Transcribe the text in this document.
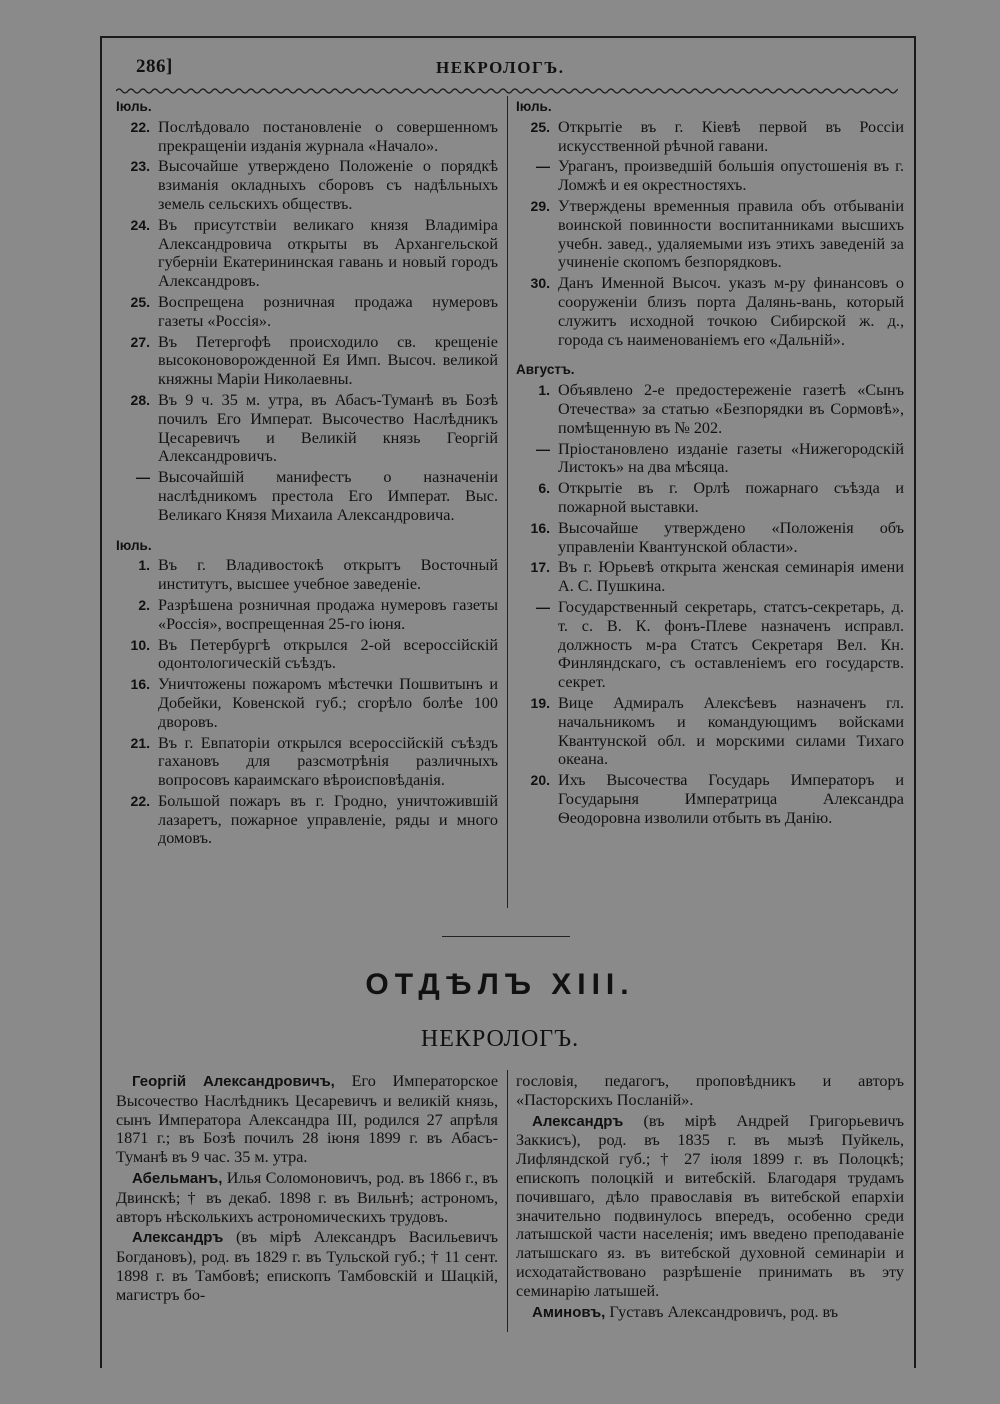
286]	НЕКРОЛОГЪ.
Іюль.
22. Послѣдовало постановленіе о совершенномъ прекращеніи изданія журнала «Начало».
23. Высочайше утверждено Положеніе о порядкѣ взиманія окладныхъ сборовъ съ надѣльныхъ земель сельскихъ обществъ.
24. Въ присутствіи великаго князя Владиміра Александровича открыты въ Архангельской губерніи Екатерининская гавань и новый городъ Александровъ.
25. Воспрещена розничная продажа нумеровъ газеты «Россія».
27. Въ Петергофѣ происходило св. крещеніе высоконоворожденной Ея Имп. Высоч. великой княжны Маріи Николаевны.
28. Въ 9 ч. 35 м. утра, въ Абасъ-Туманѣ въ Бозѣ почилъ Его Императ. Высочество Наслѣдникъ Цесаревичъ и Великій князь Георгій Александровичъ.
— Высочайшій манифестъ о назначеніи наслѣдникомъ престола Его Императ. Выс. Великаго Князя Михаила Александровича.
Іюль.
1. Въ г. Владивостокѣ открытъ Восточный институтъ, высшее учебное заведеніе.
2. Разрѣшена розничная продажа нумеровъ газеты «Россія», воспрещенная 25-го іюня.
10. Въ Петербургѣ открылся 2-ой всероссійскій одонтологическій съѣздъ.
16. Уничтожены пожаромъ мѣстечки Пошвитынъ и Добейки, Ковенской губ.; сгорѣло болѣе 100 дворовъ.
21. Въ г. Евпаторіи открылся всероссійскій съѣздъ гахановъ для разсмотрѣнія различныхъ вопросовъ караимскаго вѣроисповѣданія.
22. Большой пожаръ въ г. Гродно, уничтожившій лазаретъ, пожарное управленіе, ряды и много домовъ.
Іюль.
25. Открытіе въ г. Кіевѣ первой въ Россіи искусственной рѣчной гавани.
— Ураганъ, произведшій большія опустошенія въ г. Ломжѣ и ея окрестностяхъ.
29. Утверждены временныя правила объ отбываніи воинской повинности воспитанниками высшихъ учебн. завед., удаляемыми изъ этихъ заведеній за учиненіе скопомъ безпорядковъ.
30. Данъ Именной Высоч. указъ м-ру финансовъ о сооруженіи близъ порта Далянь-вань, который служитъ исходной точкою Сибирской ж. д., города съ наименованіемъ его «Дальній».
Августъ.
1. Объявлено 2-е предостереженіе газетѣ «Сынъ Отечества» за статью «Безпорядки въ Сормовѣ», помѣщенную въ № 202.
— Пріостановлено изданіе газеты «Нижегородскій Листокъ» на два мѣсяца.
6. Открытіе въ г. Орлѣ пожарнаго съѣзда и пожарной выставки.
16. Высочайше утверждено «Положенія объ управленіи Квантунской области».
17. Въ г. Юрьевѣ открыта женская семинарія имени А. С. Пушкина.
— Государственный секретарь, статсъ-секретарь, д. т. с. В. К. фонъ-Плеве назначенъ исправл. должность м-ра Статсъ Секретаря Вел. Кн. Финляндскаго, съ оставленіемъ его государств. секрет.
19. Вице Адмиралъ Алексѣевъ назначенъ гл. начальникомъ и командующимъ войсками Квантунской обл. и морскими силами Тихаго океана.
20. Ихъ Высочества Государь Императоръ и Государыня Императрица Александра Ѳеодоровна изволили отбыть въ Данію.
ОТДѢЛЪ XIII.
НЕКРОЛОГЪ.

Георгій Александровичъ, Его Императорское Высочество Наслѣдникъ Цесаревичъ и великій князь, сынъ Императора Александра III, родился 27 апрѣля 1871 г.; въ Бозѣ почилъ 28 іюня 1899 г. въ Абасъ-Туманѣ въ 9 час. 35 м. утра.

Абельманъ, Илья Соломоновичъ, род. въ 1866 г., въ Двинскѣ; † въ декаб. 1898 г. въ Вильнѣ; астрономъ, авторъ нѣсколькихъ астрономическихъ трудовъ.

Александръ (въ мірѣ Александръ Васильевичъ Богдановъ), род. въ 1829 г. въ Тульской губ.; † 11 сент. 1898 г. въ Тамбовѣ; епископъ Тамбовскій и Шацкій, магистръ бо-

гословія, педагогъ, проповѣдникъ и авторъ «Пасторскихъ Посланій».

Александръ (въ мірѣ Андрей Григорьевичъ Заккисъ), род. въ 1835 г. въ мызѣ Пуйкель, Лифляндской губ.; † 27 іюля 1899 г. въ Полоцкѣ; епископъ полоцкій и витебскій. Благодаря трудамъ почившаго, дѣло православія въ витебской епархіи значительно подвинулось впередъ, особенно среди латышской части населенія; имъ введено преподаваніе латышскаго яз. въ витебской духовной семинаріи и исходатайствовано разрѣшеніе принимать въ эту семинарію латышей.

Аминовъ, Густавъ Александровичъ, род. въ
